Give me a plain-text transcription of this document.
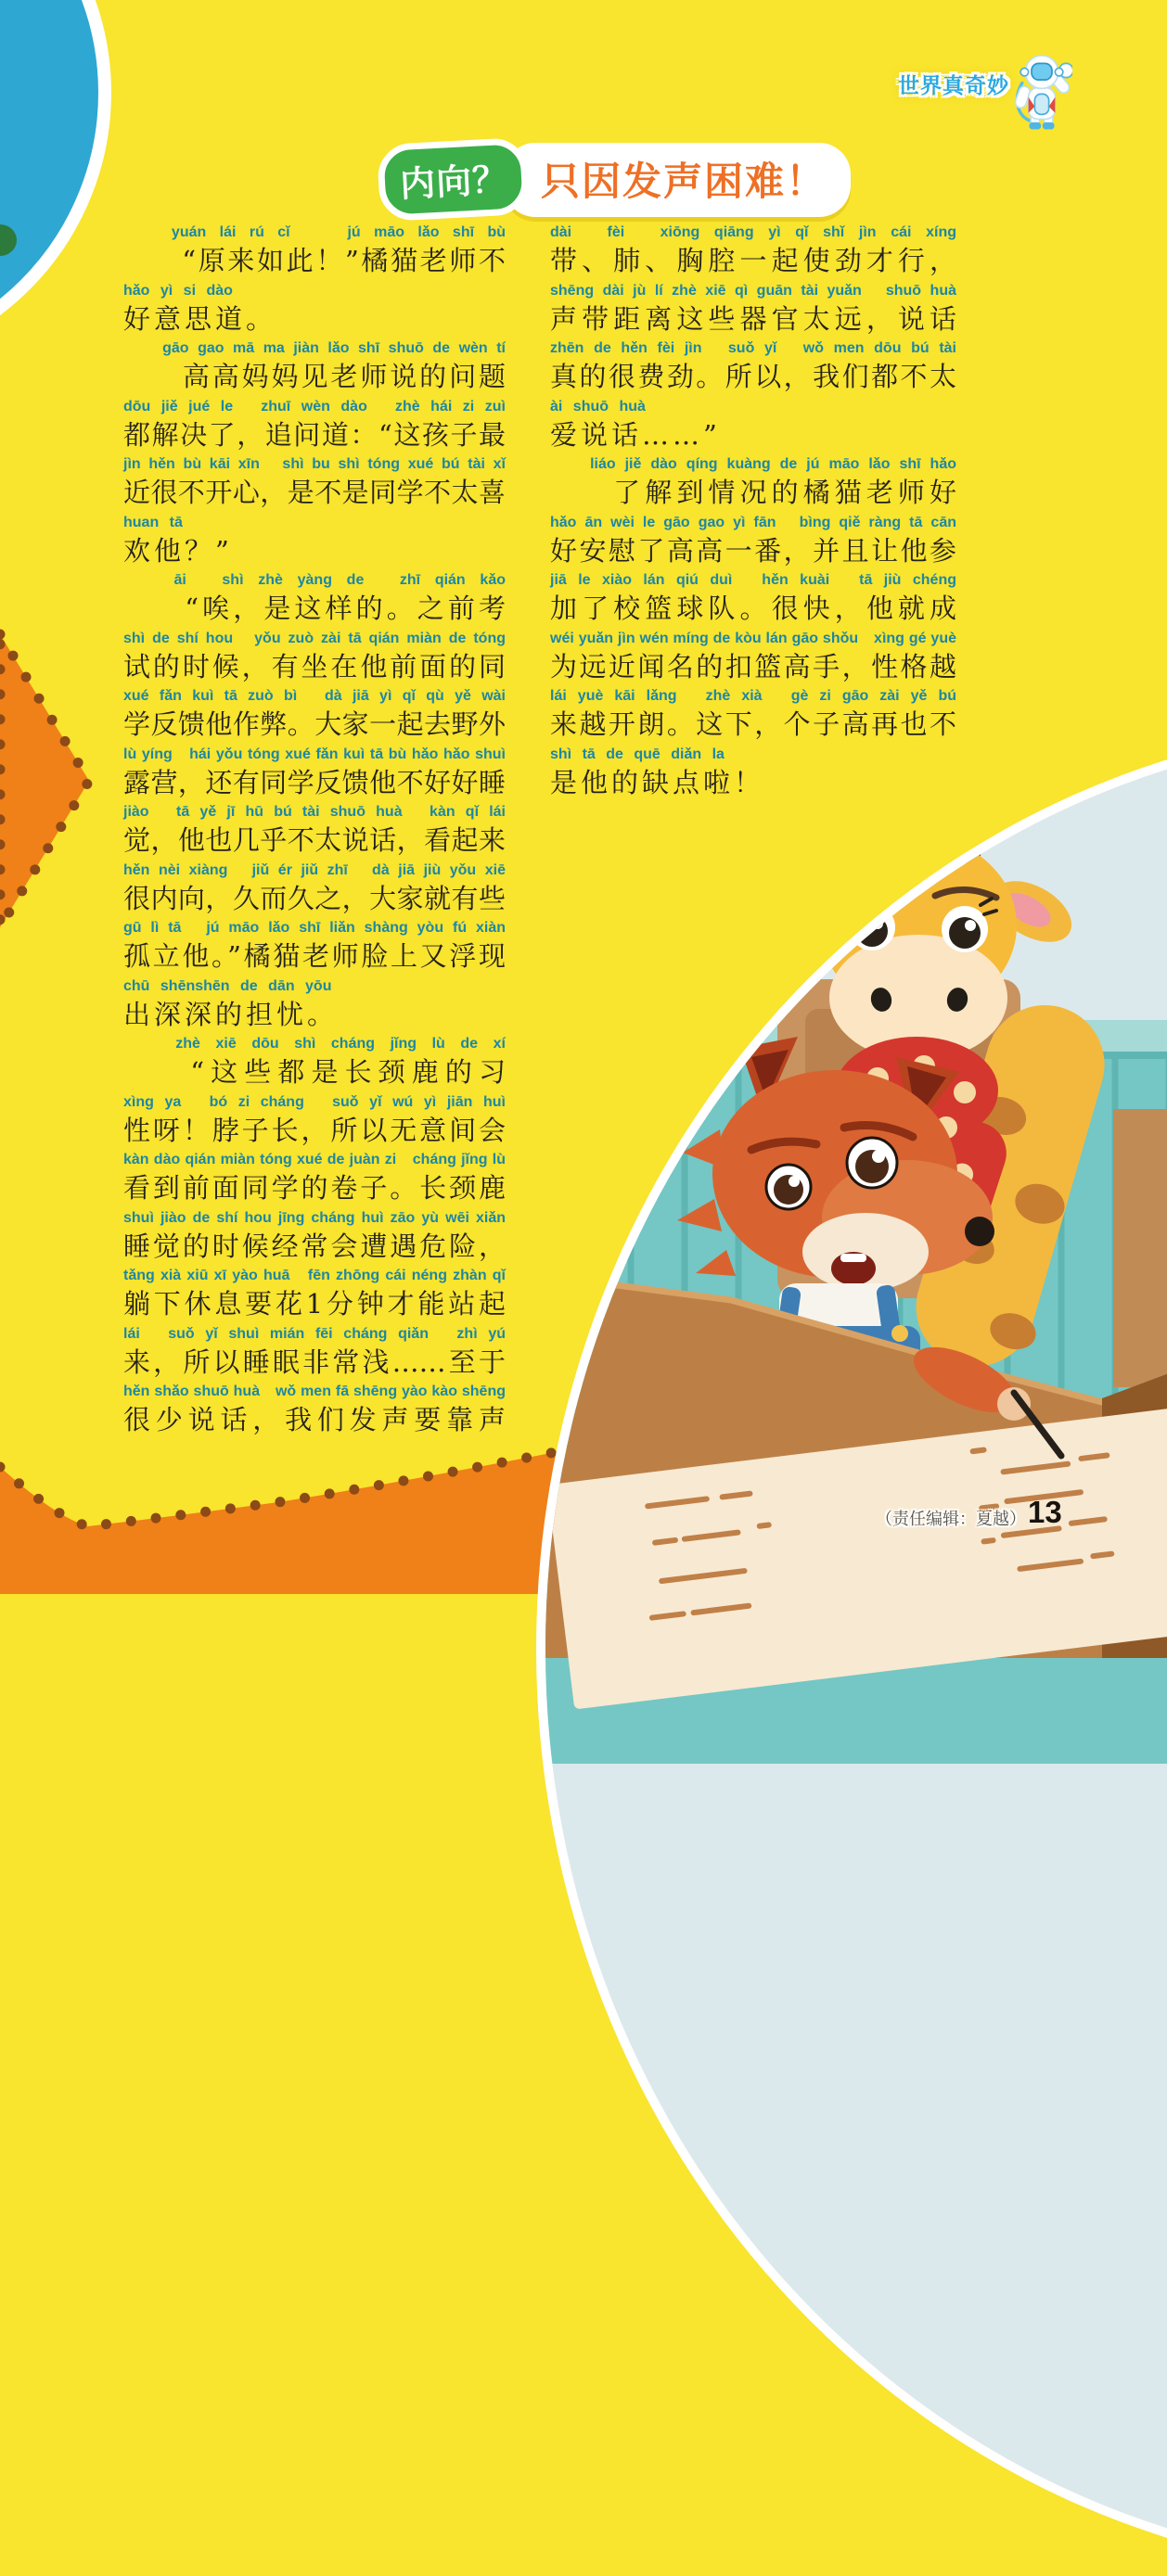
世界真奇妙
内向？ 只因发声困难！
　　yuán lái rú cǐ　　jú māo lǎo shī bù
　　“原来如此！”橘猫老师不
hǎo yì si dào
好意思道。
　　gāo gao mā ma jiàn lǎo shī shuō de wèn tí
　　高高妈妈见老师说的问题
dōu jiě jué le　zhuī wèn dào　zhè hái zi zuì
都解决了，追问道：“这孩子最
jìn hěn bù kāi xīn　shì bu shì tóng xué bú tài xǐ
近很不开心，是不是同学不太喜
huan tā
欢他？”
　　āi　shì zhè yàng de　zhī qián kǎo
　　“唉，是这样的。之前考
shì de shí hou　yǒu zuò zài tā qián miàn de tóng
试的时候，有坐在他前面的同
xué fǎn kuì tā zuò bì　dà jiā yì qǐ qù yě wài
学反馈他作弊。大家一起去野外
lù yíng　hái yǒu tóng xué fǎn kuì tā bù hǎo hǎo shuì
露营，还有同学反馈他不好好睡
jiào　tā yě jī hū bú tài shuō huà　kàn qǐ lái
觉，他也几乎不太说话，看起来
hěn nèi xiàng　jiǔ ér jiǔ zhī　dà jiā jiù yǒu xiē
很内向，久而久之，大家就有些
gū lì tā　jú māo lǎo shī liǎn shàng yòu fú xiàn
孤立他。”橘猫老师脸上又浮现
chū shēnshēn de dān yōu
出深深的担忧。
　　zhè xiē dōu shì cháng jǐng lù de xí
　　“这些都是长颈鹿的习
xìng ya　bó zi cháng　suǒ yǐ wú yì jiān huì
性呀！脖子长，所以无意间会
kàn dào qián miàn tóng xué de juàn zi　cháng jǐng lù
看到前面同学的卷子。长颈鹿
shuì jiào de shí hou jīng cháng huì zāo yù wēi xiǎn
睡觉的时候经常会遭遇危险，
tǎng xià xiū xī yào huā　fēn zhōng cái néng zhàn qǐ
躺下休息要花1分钟才能站起
lái　suǒ yǐ shuì mián fēi cháng qiǎn　zhì yú
来，所以睡眠非常浅……至于
hěn shǎo shuō huà　wǒ men fā shēng yào kào shēng
很少说话，我们发声要靠声
dài　fèi　xiōng qiāng yì qǐ shǐ jìn cái xíng
带、肺、胸腔一起使劲才行，
shēng dài jù lí zhè xiē qì guān tài yuǎn　shuō huà
声带距离这些器官太远，说话
zhēn de hěn fèi jìn　suǒ yǐ　wǒ men dōu bú tài
真的很费劲。所以，我们都不太
ài shuō huà
爱说话……”
　　liáo jiě dào qíng kuàng de jú māo lǎo shī hǎo
　　了解到情况的橘猫老师好
hǎo ān wèi le gāo gao yì fān　bìng qiě ràng tā cān
好安慰了高高一番，并且让他参
jiā le xiào lán qiú duì　hěn kuài　tā jiù chéng
加了校篮球队。很快，他就成
wéi yuǎn jìn wén míng de kòu lán gāo shǒu　xìng gé yuè
为远近闻名的扣篮高手，性格越
lái yuè kāi lǎng　zhè xià　gè zi gāo zài yě bú
来越开朗。这下，个子高再也不
shì tā de quē diǎn la
是他的缺点啦！
（责任编辑：夏越） 13
